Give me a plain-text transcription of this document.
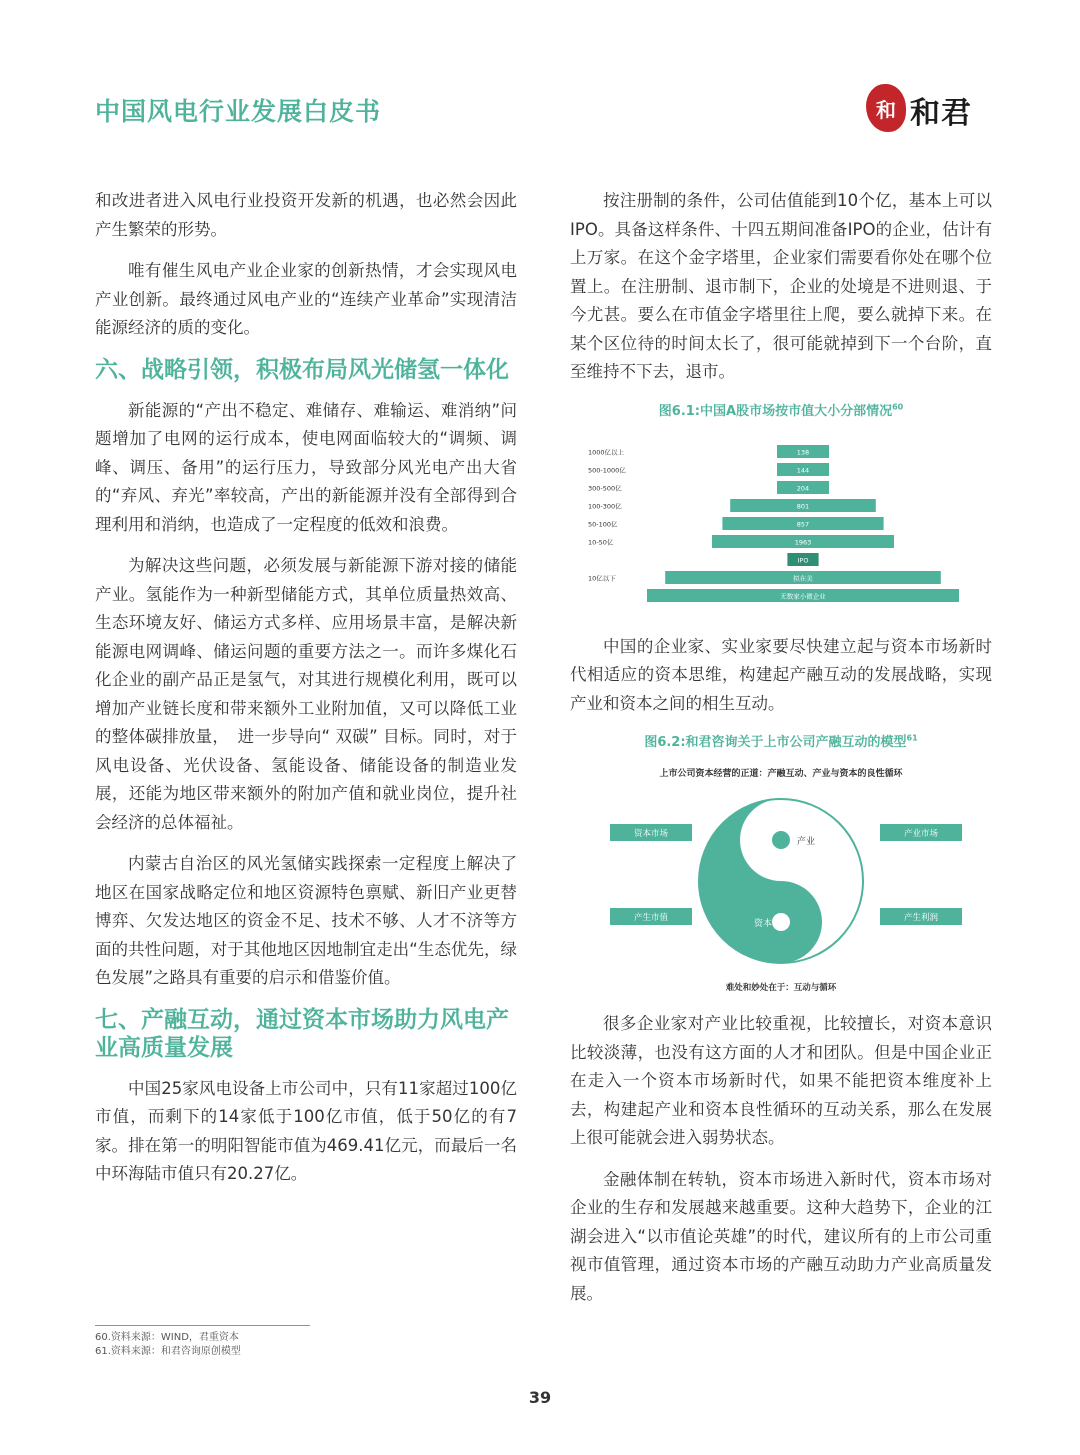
中国风电行业发展白皮书	和 和君

和改进者进入风电行业投资开发新的机遇，也必然会因此产生繁荣的形势。

唯有催生风电产业企业家的创新热情，才会实现风电产业创新。最终通过风电产业的“连续产业革命”实现清洁能源经济的质的变化。

六、战略引领，积极布局风光储氢一体化

新能源的“产出不稳定、难储存、难输运、难消纳”问题增加了电网的运行成本，使电网面临较大的“调频、调峰、调压、备用”的运行压力，导致部分风光电产出大省的“弃风、弃光”率较高，产出的新能源并没有全部得到合理利用和消纳，也造成了一定程度的低效和浪费。

为解决这些问题，必须发展与新能源下游对接的储能产业。氢能作为一种新型储能方式，其单位质量热效高、生态环境友好、储运方式多样、应用场景丰富，是解决新能源电网调峰、储运问题的重要方法之一。而许多煤化石化企业的副产品正是氢气，对其进行规模化利用，既可以增加产业链长度和带来额外工业附加值，又可以降低工业的整体碳排放量，　进一步导向“ 双碳” 目标。同时，对于风电设备、光伏设备、氢能设备、储能设备的制造业发展，还能为地区带来额外的附加产值和就业岗位，提升社会经济的总体福祉。

内蒙古自治区的风光氢储实践探索一定程度上解决了地区在国家战略定位和地区资源特色禀赋、新旧产业更替博弈、欠发达地区的资金不足、技术不够、人才不济等方面的共性问题，对于其他地区因地制宜走出“生态优先，绿色发展”之路具有重要的启示和借鉴价值。

七、产融互动，通过资本市场助力风电产业高质量发展

中国25家风电设备上市公司中，只有11家超过100亿市值，而剩下的14家低于100亿市值，低于50亿的有7家。排在第一的明阳智能市值为469.41亿元，而最后一名中环海陆市值只有20.27亿。

按注册制的条件，公司估值能到10个亿，基本上可以IPO。具备这样条件、十四五期间准备IPO的企业，估计有上万家。在这个金字塔里，企业家们需要看你处在哪个位置上。在注册制、退市制下，企业的处境是不进则退、于今尤甚。要么在市值金字塔里往上爬，要么就掉下来。在某个区位待的时间太长了，很可能就掉到下一个台阶，直至维持不下去，退市。

图6.1:中国A股市场按市值大小分部情况$^{60}$
138
1000亿以上
144
500-1000亿
204
300-500亿
801
100-300亿
857
50-100亿
1963
10-50亿
IPO
拟在美
10亿以下
无数家小微企业

中国的企业家、实业家要尽快建立起与资本市场新时代相适应的资本思维，构建起产融互动的发展战略，实现产业和资本之间的相生互动。

图6.2:和君咨询关于上市公司产融互动的模型$^{61}$
上市公司资本经营的正道：产融互动、产业与资本的良性循环
产业
资本
资本市场	产业市场
产生市值	产生利润
难处和妙处在于：互动与循环

很多企业家对产业比较重视，比较擅长，对资本意识比较淡薄，也没有这方面的人才和团队。但是中国企业正在走入一个资本市场新时代，如果不能把资本维度补上去，构建起产业和资本良性循环的互动关系，那么在发展上很可能就会进入弱势状态。

金融体制在转轨，资本市场进入新时代，资本市场对企业的生存和发展越来越重要。这种大趋势下，企业的江湖会进入“以市值论英雄”的时代，建议所有的上市公司重视市值管理，通过资本市场的产融互动助力产业高质量发展。

60.资料来源：WIND，君重资本
61.资料来源：和君咨询原创模型
39
